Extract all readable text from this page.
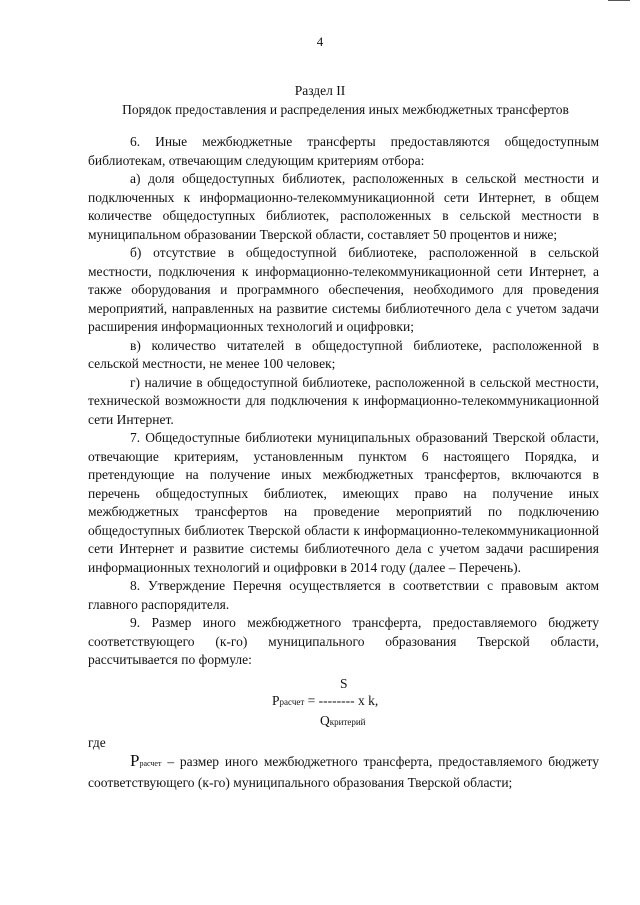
4
Раздел II
Порядок предоставления и распределения иных межбюджетных трансфертов

6. Иные межбюджетные трансферты предоставляются общедоступным библиотекам, отвечающим следующим критериям отбора:

а) доля общедоступных библиотек, расположенных в сельской местности и подключенных к информационно-телекоммуникационной сети Интернет, в общем количестве общедоступных библиотек, расположенных в сельской местности в муниципальном образовании Тверской области, составляет 50 процентов и ниже;

б) отсутствие в общедоступной библиотеке, расположенной в сельской местности, подключения к информационно-телекоммуникационной сети Интернет, а также оборудования и программного обеспечения, необходимого для проведения мероприятий, направленных на развитие системы библиотечного дела с учетом задачи расширения информационных технологий и оцифровки;

в) количество читателей в общедоступной библиотеке, расположенной в сельской местности, не менее 100 человек;

г) наличие в общедоступной библиотеке, расположенной в сельской местности, технической возможности для подключения к информационно-телекоммуникационной сети Интернет.

7. Общедоступные библиотеки муниципальных образований Тверской области, отвечающие критериям, установленным пунктом 6 настоящего Порядка, и претендующие на получение иных межбюджетных трансфертов, включаются в перечень общедоступных библиотек, имеющих право на получение иных межбюджетных трансфертов на проведение мероприятий по подключению общедоступных библиотек Тверской области к информационно-телекоммуникационной сети Интернет и развитие системы библиотечного дела с учетом задачи расширения информационных технологий и оцифровки в 2014 году (далее – Перечень).

8. Утверждение Перечня осуществляется в соответствии с правовым актом главного распорядителя.

9. Размер иного межбюджетного трансферта, предоставляемого бюджету соответствующего (к-го) муниципального образования Тверской области, рассчитывается по формуле:

S
Pрасчет = -------- х k,
Qкритерий

где

Pрасчет – размер иного межбюджетного трансферта, предоставляемого бюджету соответствующего (к-го) муниципального образования Тверской области;
